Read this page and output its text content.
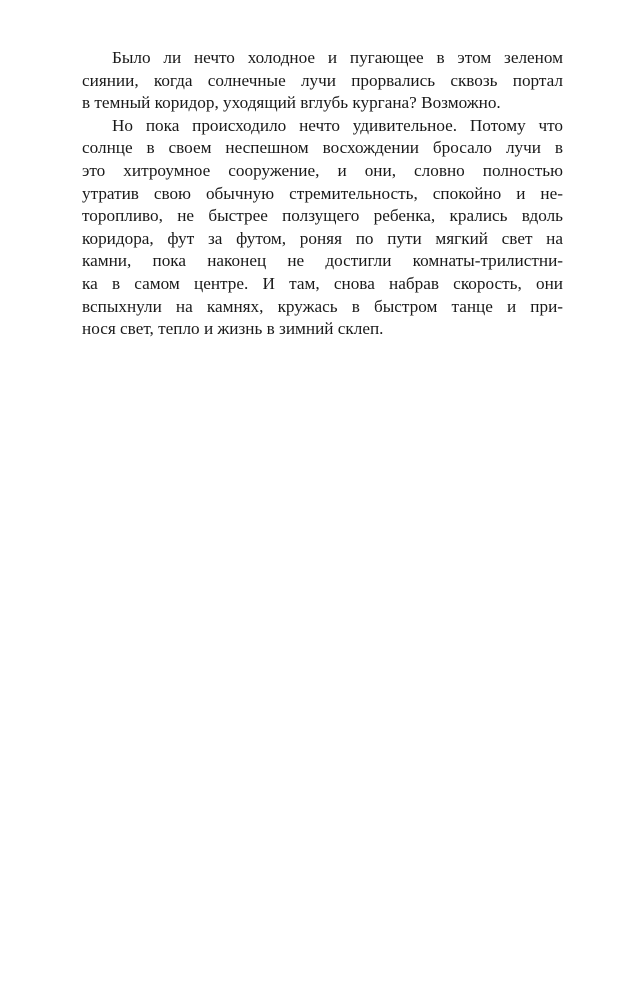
Было ли нечто холодное и пугающее в этом зеленом
сиянии, когда солнечные лучи прорвались сквозь портал
в темный коридор, уходящий вглубь кургана? Возможно.

Но пока происходило нечто удивительное. Потому что
солнце в своем неспешном восхождении бросало лучи в
это хитроумное сооружение, и они, словно полностью
утратив свою обычную стремительность, спокойно и не-
торопливо, не быстрее ползущего ребенка, крались вдоль
коридора, фут за футом, роняя по пути мягкий свет на
камни, пока наконец не достигли комнаты-трилистни-
ка в самом центре. И там, снова набрав скорость, они
вспыхнули на камнях, кружась в быстром танце и при-
нося свет, тепло и жизнь в зимний склеп.
